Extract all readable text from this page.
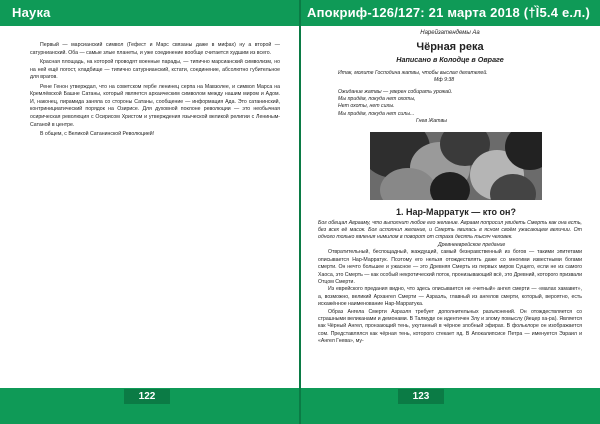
Наука	Апокриф-126/127: 21 марта 2018 (†Ȉ5.4 е.л.)

Первый — марсианский символ (Гефест и Марс связаны даже в мифах) ну а второй — сатурнианский. Оба — самые злые планеты, и уже соединение вообще считается худшим из всего.

Красная площадь, на которой проводят военные парады, — типично марсианский символизм, но на ней ещё погост, кладбище — типично сатурнианский, кстати, соединение, абсолютно губительное для врагов.

Рене Генон утверждал, что на советском гербе ленинец серпа на Мавзолее, и символ Марса на Кремлёвской Башне Сатаны, который является архаическим символом между нашим миром и Адом. И, наконец, пирамида заняла со стороны Сатаны, сообщение — информация Ада. Это сатанинский, контринициатический порядок на Озирисе. Для духовной поклоне революции — это необычная осирическая революция с Осирисом Христом и утверждения языческой великой религии с Лениным-Сатаной в центре.

В общем, с Великой Сатанинской Революцией!

Нарейзатендемы Аа
Чёрная река
Написано в Колодце в Овраге
Итак, молите Господина жатвы, чтобы выслал делателей.
Мф 9:38
Ожидание жатвы — уверен собирать урожай.
Мы придём, покуда нет охоты,
Нет охоты, нет силы.
Мы придём, покуда нет силы...
Гнев Жатвы
1. Нар-Марратук — кто он?
Бог обещал Аврааму, что выполнит любое его желание. Авраам попросил увидеть Смерть как она есть, без всех её масок. Бог исполнил желание, и Смерть явилась в ясном своём ужасающем величии. От одного только явления нимилом в поворот от страха десять тысяч человек.
Древнееврейское предание

Отвратительный, беспощадный, жаждущий, самый безнравственный из богов — такими эпитетами описывается Нар-Марратук. Поэтому его нельзя отождествлять даже со многими известными богами смерти. Он нечто большее и ужасное — это Древняя Смерть из первых миров Сущего, если не из самого Хаоса, это Смерть — как особый некротический поток, пронизывающий всё, это Древний, которого призвали Отцом Смерти.

Из еврейского предания видно, что здесь описывается не «четный» ангел смерти — «малах хамавет», а, возможно, великий Архангел Смерти — Азраэль, главный из ангелов смерти, который, вероятно, есть искажённое наименование Нар-Марратука.

Образ Ангела Смерти Азраэля требует дополнительных разъяснений. Он отождествляется со страшными великанами и демонами. В Талмуде он идентичен Злу и злому помыслу (йецер ха-ра). Является как Чёрный Ангел, пронзающий тень, укутанный в чёрное злобный эфирах. В фольклоре он изображается сом. Представлялся как чёрная тень, которого стекает яд. В Апокалипсисе Петра — именуется Эзраил и «Ангел Гнева», му-

122	123
